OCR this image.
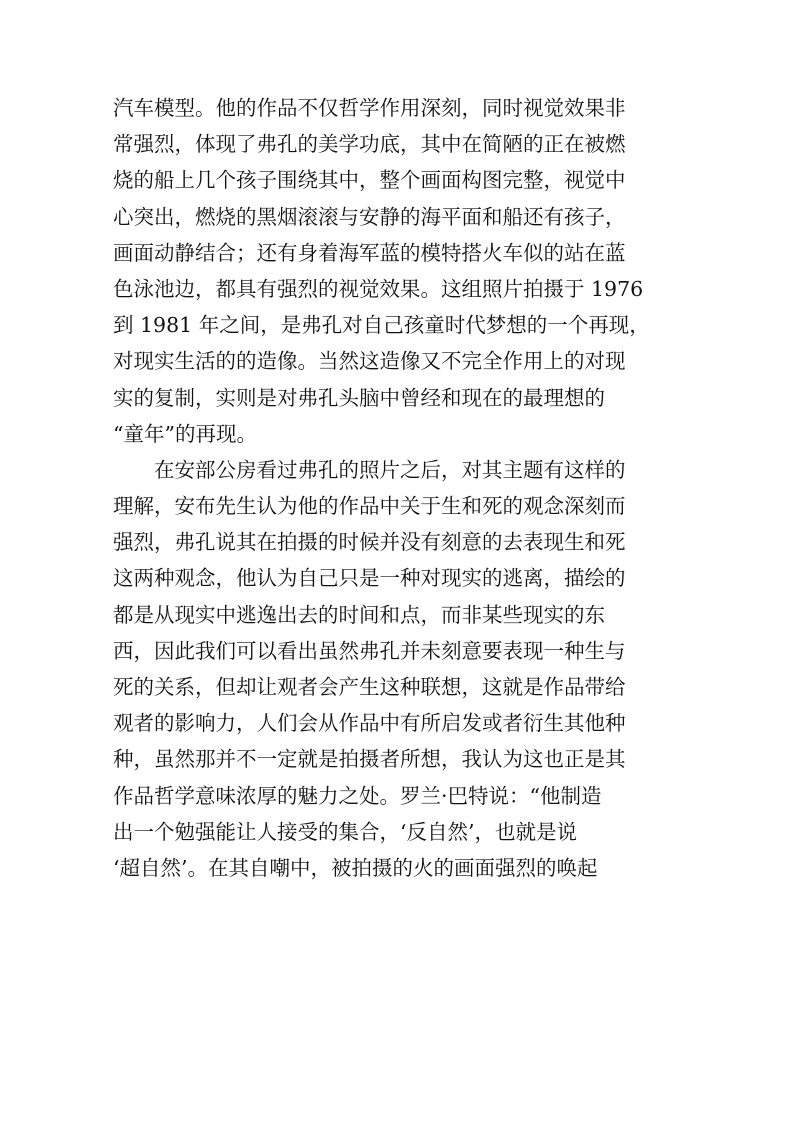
汽车模型。他的作品不仅哲学作用深刻，同时视觉效果非
常强烈，体现了弗孔的美学功底，其中在简陋的正在被燃
烧的船上几个孩子围绕其中，整个画面构图完整，视觉中
心突出，燃烧的黑烟滚滚与安静的海平面和船还有孩子，
画面动静结合；还有身着海军蓝的模特搭火车似的站在蓝
色泳池边，都具有强烈的视觉效果。这组照片拍摄于 1976
到 1981 年之间，是弗孔对自己孩童时代梦想的一个再现，
对现实生活的的造像。当然这造像又不完全作用上的对现
实的复制，实则是对弗孔头脑中曾经和现在的最理想的
“童年”的再现。
在安部公房看过弗孔的照片之后，对其主题有这样的
理解，安布先生认为他的作品中关于生和死的观念深刻而
强烈，弗孔说其在拍摄的时候并没有刻意的去表现生和死
这两种观念，他认为自己只是一种对现实的逃离，描绘的
都是从现实中逃逸出去的时间和点，而非某些现实的东
西，因此我们可以看出虽然弗孔并未刻意要表现一种生与
死的关系，但却让观者会产生这种联想，这就是作品带给
观者的影响力，人们会从作品中有所启发或者衍生其他种
种，虽然那并不一定就是拍摄者所想，我认为这也正是其
作品哲学意味浓厚的魅力之处。罗兰·巴特说：“他制造
出一个勉强能让人接受的集合，‘反自然’，也就是说
‘超自然’。在其自嘲中，被拍摄的火的画面强烈的唤起
